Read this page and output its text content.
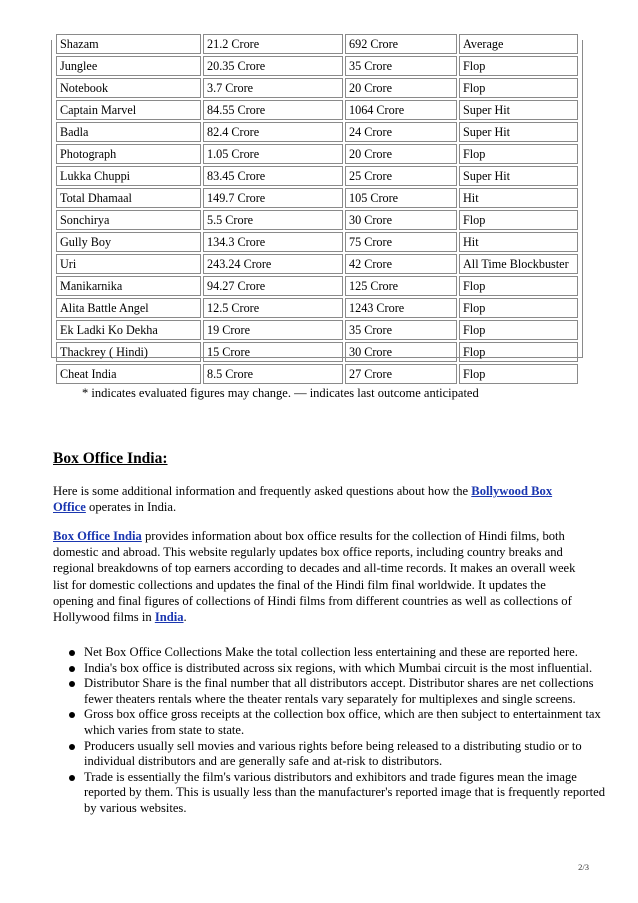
Shazam	21.2 Crore	692 Crore	Average
Junglee	20.35 Crore	35 Crore	Flop
Notebook	3.7 Crore	20 Crore	Flop
Captain Marvel	84.55 Crore	1064 Crore	Super Hit
Badla	82.4 Crore	24 Crore	Super Hit
Photograph	1.05 Crore	20 Crore	Flop
Lukka Chuppi	83.45 Crore	25 Crore	Super Hit
Total Dhamaal	149.7 Crore	105 Crore	Hit
Sonchirya	5.5 Crore	30 Crore	Flop
Gully Boy	134.3 Crore	75 Crore	Hit
Uri	243.24 Crore	42 Crore	All Time Blockbuster
Manikarnika	94.27 Crore	125 Crore	Flop
Alita Battle Angel	12.5 Crore	1243 Crore	Flop
Ek Ladki Ko Dekha	19 Crore	35 Crore	Flop
Thackrey ( Hindi)	15 Crore	30 Crore	Flop
Cheat India	8.5 Crore	27 Crore	Flop
* indicates evaluated figures may change. — indicates last outcome anticipated
Box Office India:

Here is some additional information and frequently asked questions about how the Bollywood Box Office operates in India.

Box Office India provides information about box office results for the collection of Hindi films, both domestic and abroad. This website regularly updates box office reports, including country breaks and regional breakdowns of top earners according to decades and all-time records. It makes an overall week list for domestic collections and updates the final of the Hindi film final worldwide. It updates the opening and final figures of collections of Hindi films from different countries as well as collections of Hollywood films in India.

Net Box Office Collections Make the total collection less entertaining and these are reported here.
India's box office is distributed across six regions, with which Mumbai circuit is the most influential.
Distributor Share is the final number that all distributors accept. Distributor shares are net collections fewer theaters rentals where the theater rentals vary separately for multiplexes and single screens.
Gross box office gross receipts at the collection box office, which are then subject to entertainment tax which varies from state to state.
Producers usually sell movies and various rights before being released to a distributing studio or to individual distributors and are generally safe and at-risk to distributors.
Trade is essentially the film's various distributors and exhibitors and trade figures mean the image reported by them. This is usually less than the manufacturer's reported image that is frequently reported by various websites.
2/3
